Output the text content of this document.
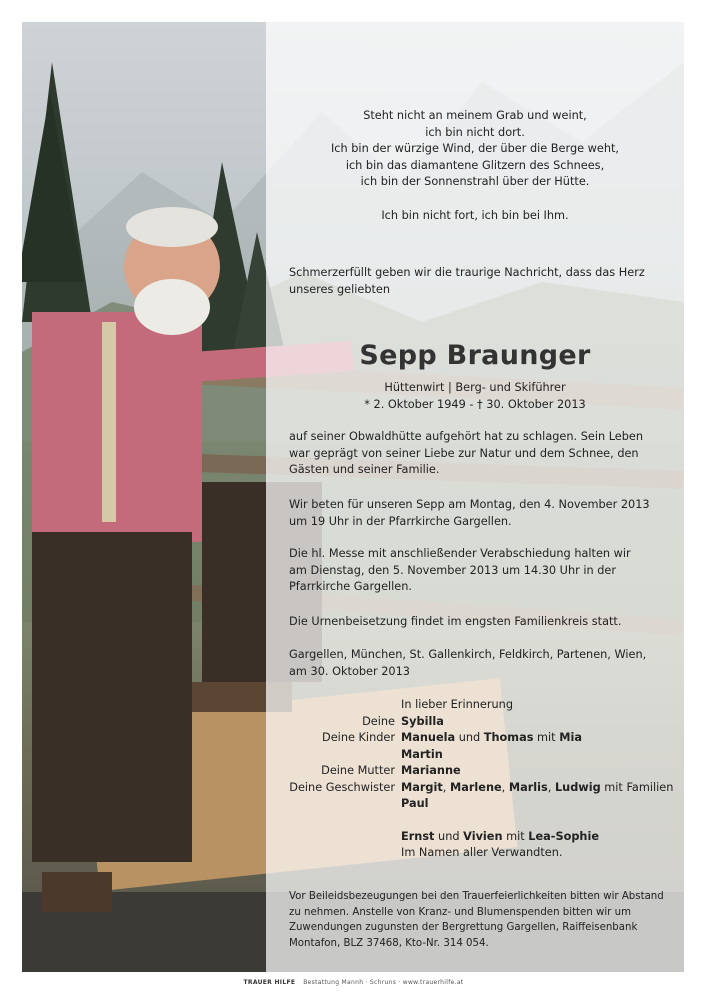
Steht nicht an meinem Grab und weint,
ich bin nicht dort.
Ich bin der würzige Wind, der über die Berge weht,
ich bin das diamantene Glitzern des Schnees,
ich bin der Sonnenstrahl über der Hütte.
Ich bin nicht fort, ich bin bei Ihm.
Schmerzerfüllt geben wir die traurige Nachricht, dass das Herz
unseres geliebten
Sepp Braunger
Hüttenwirt | Berg- und Skiführer
* 2. Oktober 1949 - † 30. Oktober 2013
auf seiner Obwaldhütte aufgehört hat zu schlagen. Sein Leben
war geprägt von seiner Liebe zur Natur und dem Schnee, den
Gästen und seiner Familie.
Wir beten für unseren Sepp am Montag, den 4. November 2013
um 19 Uhr in der Pfarrkirche Gargellen.
Die hl. Messe mit anschließender Verabschiedung halten wir
am Dienstag, den 5. November 2013 um 14.30 Uhr in der
Pfarrkirche Gargellen.
Die Urnenbeisetzung findet im engsten Familienkreis statt.
Gargellen, München, St. Gallenkirch, Feldkirch, Partenen, Wien,
am 30. Oktober 2013
In lieber Erinnerung
Deine Sybilla
Deine Kinder Manuela und Thomas mit Mia
Martin
Deine Mutter Marianne
Deine Geschwister Margit, Marlene, Marlis, Ludwig mit Familien
Paul
Ernst und Vivien mit Lea-Sophie
Im Namen aller Verwandten.
Vor Beileidsbezeugungen bei den Trauerfeierlichkeiten bitten wir Abstand
zu nehmen. Anstelle von Kranz- und Blumenspenden bitten wir um
Zuwendungen zugunsten der Bergrettung Gargellen, Raiffeisenbank
Montafon, BLZ 37468, Kto-Nr. 314 054.
TRAUER HILFE Bestattung Mannh · Schruns · www.trauerhilfe.at
